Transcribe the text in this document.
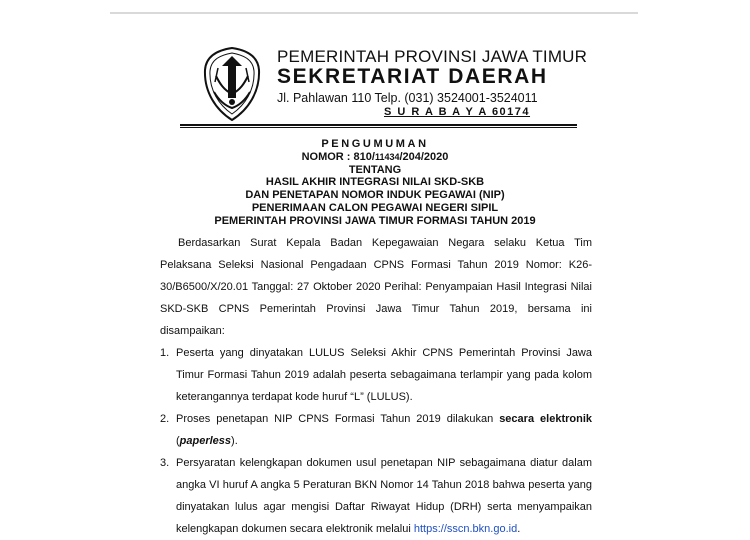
PEMERINTAH PROVINSI JAWA TIMUR
SEKRETARIAT DAERAH
Jl. Pahlawan 110 Telp. (031) 3524001-3524011
S U R A B A Y A 60174
PENGUMUMAN
NOMOR : 810/11434/204/2020
TENTANG
HASIL AKHIR INTEGRASI NILAI SKD-SKB
DAN PENETAPAN NOMOR INDUK PEGAWAI (NIP)
PENERIMAAN CALON PEGAWAI NEGERI SIPIL
PEMERINTAH PROVINSI JAWA TIMUR FORMASI TAHUN 2019

Berdasarkan Surat Kepala Badan Kepegawaian Negara selaku Ketua Tim Pelaksana Seleksi Nasional Pengadaan CPNS Formasi Tahun 2019 Nomor: K26-30/B6500/X/20.01 Tanggal: 27 Oktober 2020 Perihal: Penyampaian Hasil Integrasi Nilai SKD-SKB CPNS Pemerintah Provinsi Jawa Timur Tahun 2019, bersama ini disampaikan:

1. Peserta yang dinyatakan LULUS Seleksi Akhir CPNS Pemerintah Provinsi Jawa Timur Formasi Tahun 2019 adalah peserta sebagaimana terlampir yang pada kolom keterangannya terdapat kode huruf “L” (LULUS).
2. Proses penetapan NIP CPNS Formasi Tahun 2019 dilakukan secara elektronik (paperless).
3. Persyaratan kelengkapan dokumen usul penetapan NIP sebagaimana diatur dalam angka VI huruf A angka 5 Peraturan BKN Nomor 14 Tahun 2018 bahwa peserta yang dinyatakan lulus agar mengisi Daftar Riwayat Hidup (DRH) serta menyampaikan kelengkapan dokumen secara elektronik melalui https://sscn.bkn.go.id.
